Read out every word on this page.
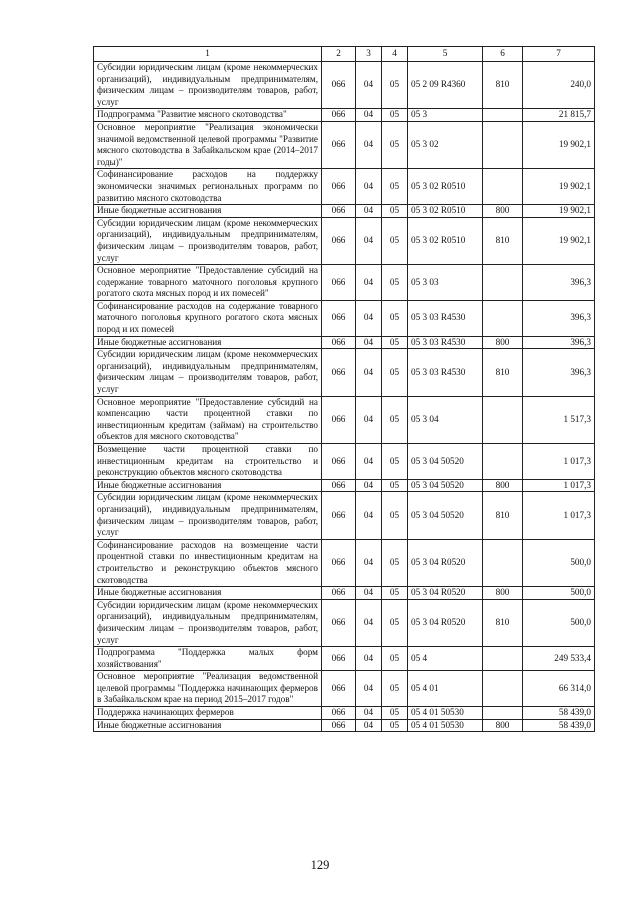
1	2	3	4	5	6	7
Субсидии юридическим лицам (кроме некоммерческих организаций), индивидуальным предпринимателям, физическим лицам – производителям товаров, работ, услуг	066	04	05	05 2 09 R4360	810	240,0
Подпрограмма "Развитие мясного скотоводства"	066	04	05	05 3		21 815,7
Основное мероприятие "Реализация экономически значимой ведомственной целевой программы "Развитие мясного скотоводства в Забайкальском крае (2014–2017 годы)"	066	04	05	05 3 02		19 902,1
Софинансирование расходов на поддержку экономически значимых региональных программ по развитию мясного скотоводства	066	04	05	05 3 02 R0510		19 902,1
Иные бюджетные ассигнования	066	04	05	05 3 02 R0510	800	19 902,1
Субсидии юридическим лицам (кроме некоммерческих организаций), индивидуальным предпринимателям, физическим лицам – производителям товаров, работ, услуг	066	04	05	05 3 02 R0510	810	19 902,1
Основное мероприятие "Предоставление субсидий на содержание товарного маточного поголовья крупного рогатого скота мясных пород и их помесей"	066	04	05	05 3 03		396,3
Софинансирование расходов на содержание товарного маточного поголовья крупного рогатого скота мясных пород и их помесей	066	04	05	05 3 03 R4530		396,3
Иные бюджетные ассигнования	066	04	05	05 3 03 R4530	800	396,3
Субсидии юридическим лицам (кроме некоммерческих организаций), индивидуальным предпринимателям, физическим лицам – производителям товаров, работ, услуг	066	04	05	05 3 03 R4530	810	396,3
Основное мероприятие "Предоставление субсидий на компенсацию части процентной ставки по инвестиционным кредитам (займам) на строительство объектов для мясного скотоводства"	066	04	05	05 3 04		1 517,3
Возмещение части процентной ставки по инвестиционным кредитам на строительство и реконструкцию объектов мясного скотоводства	066	04	05	05 3 04 50520		1 017,3
Иные бюджетные ассигнования	066	04	05	05 3 04 50520	800	1 017,3
Субсидии юридическим лицам (кроме некоммерческих организаций), индивидуальным предпринимателям, физическим лицам – производителям товаров, работ, услуг	066	04	05	05 3 04 50520	810	1 017,3
Софинансирование расходов на возмещение части процентной ставки по инвестиционным кредитам на строительство и реконструкцию объектов мясного скотоводства	066	04	05	05 3 04 R0520		500,0
Иные бюджетные ассигнования	066	04	05	05 3 04 R0520	800	500,0
Субсидии юридическим лицам (кроме некоммерческих организаций), индивидуальным предпринимателям, физическим лицам – производителям товаров, работ, услуг	066	04	05	05 3 04 R0520	810	500,0
Подпрограмма "Поддержка малых форм хозяйствования"	066	04	05	05 4		249 533,4
Основное мероприятие "Реализация ведомственной целевой программы "Поддержка начинающих фермеров в Забайкальском крае на период 2015–2017 годов"	066	04	05	05 4 01		66 314,0
Поддержка начинающих фермеров	066	04	05	05 4 01 50530		58 439,0
Иные бюджетные ассигнования	066	04	05	05 4 01 50530	800	58 439,0
129
